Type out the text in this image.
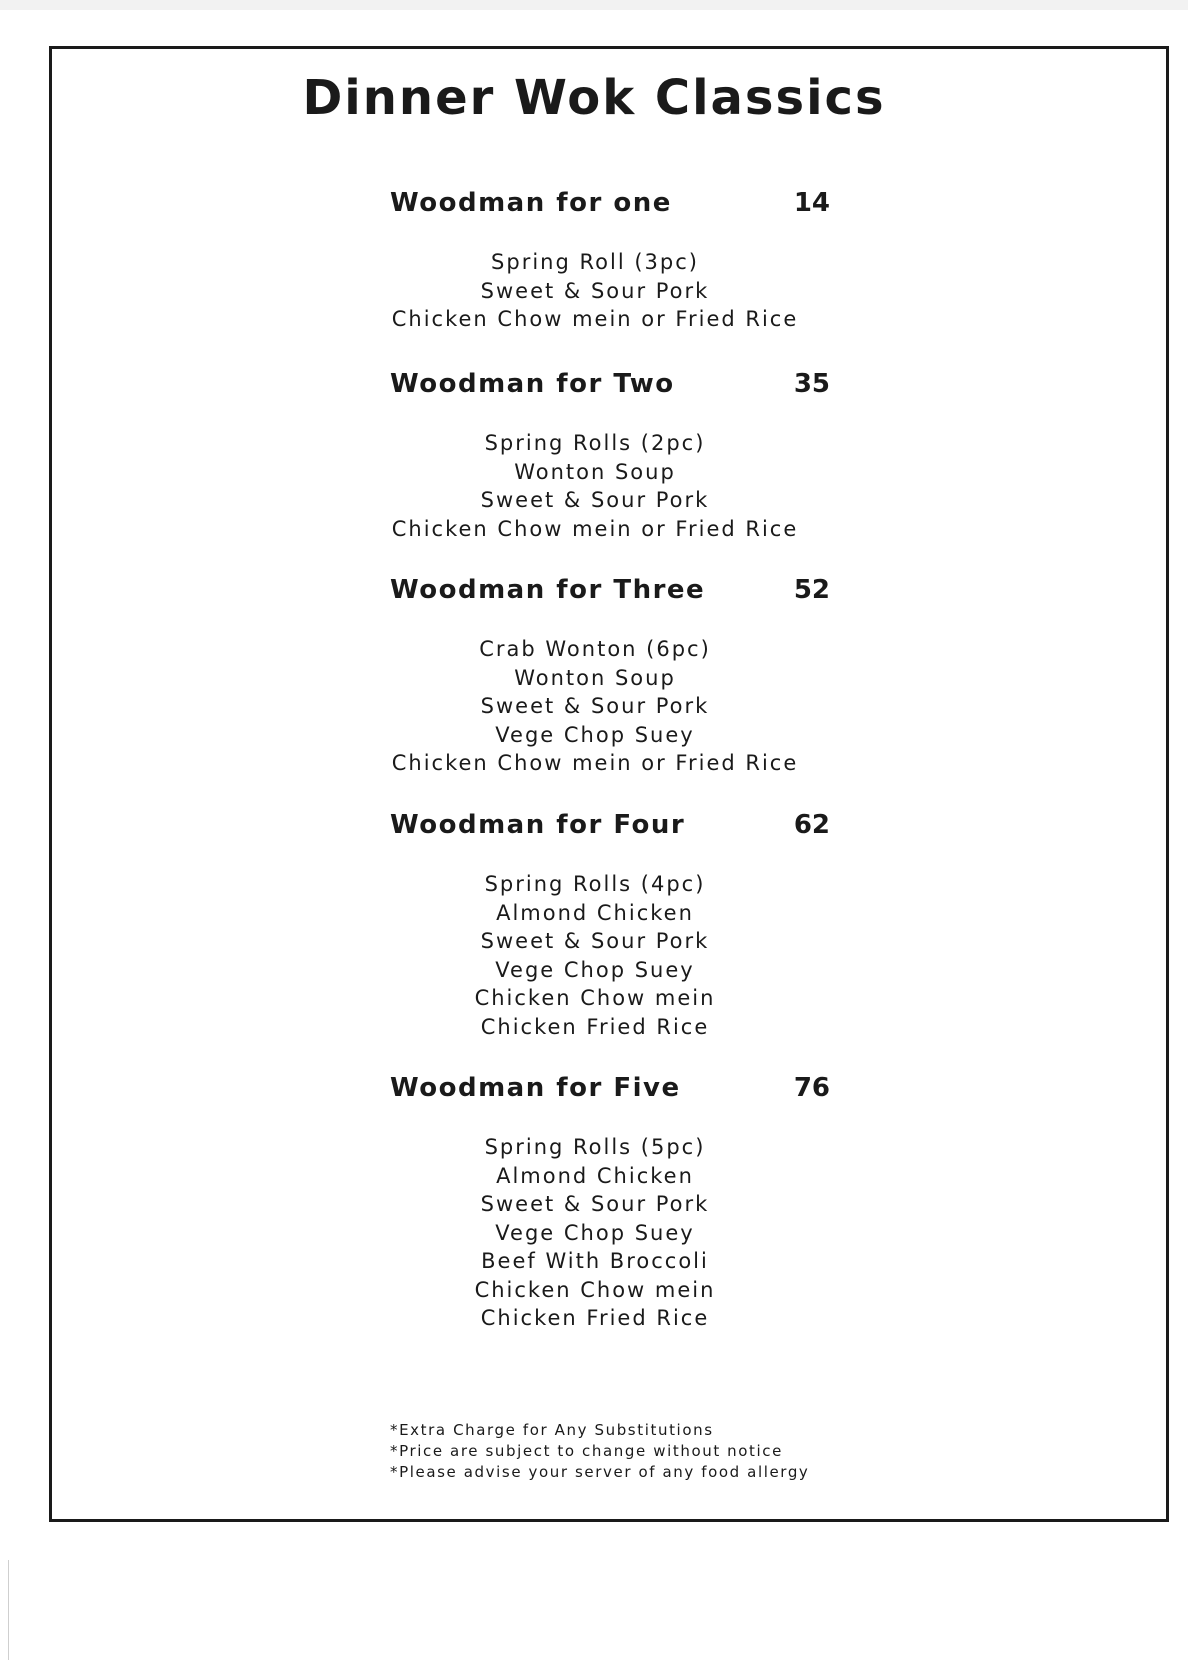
Dinner Wok Classics
Woodman for one	14
Spring Roll (3pc)
Sweet & Sour Pork
Chicken Chow mein or Fried Rice
Woodman for Two	35
Spring Rolls (2pc)
Wonton Soup
Sweet & Sour Pork
Chicken Chow mein or Fried Rice
Woodman for Three	52
Crab Wonton (6pc)
Wonton Soup
Sweet & Sour Pork
Vege Chop Suey
Chicken Chow mein or Fried Rice
Woodman for Four	62
Spring Rolls (4pc)
Almond Chicken
Sweet & Sour Pork
Vege Chop Suey
Chicken Chow mein
Chicken Fried Rice
Woodman for Five	76
Spring Rolls (5pc)
Almond Chicken
Sweet & Sour Pork
Vege Chop Suey
Beef With Broccoli
Chicken Chow mein
Chicken Fried Rice
*Extra Charge for Any Substitutions
*Price are subject to change without notice
*Please advise your server of any food allergy
